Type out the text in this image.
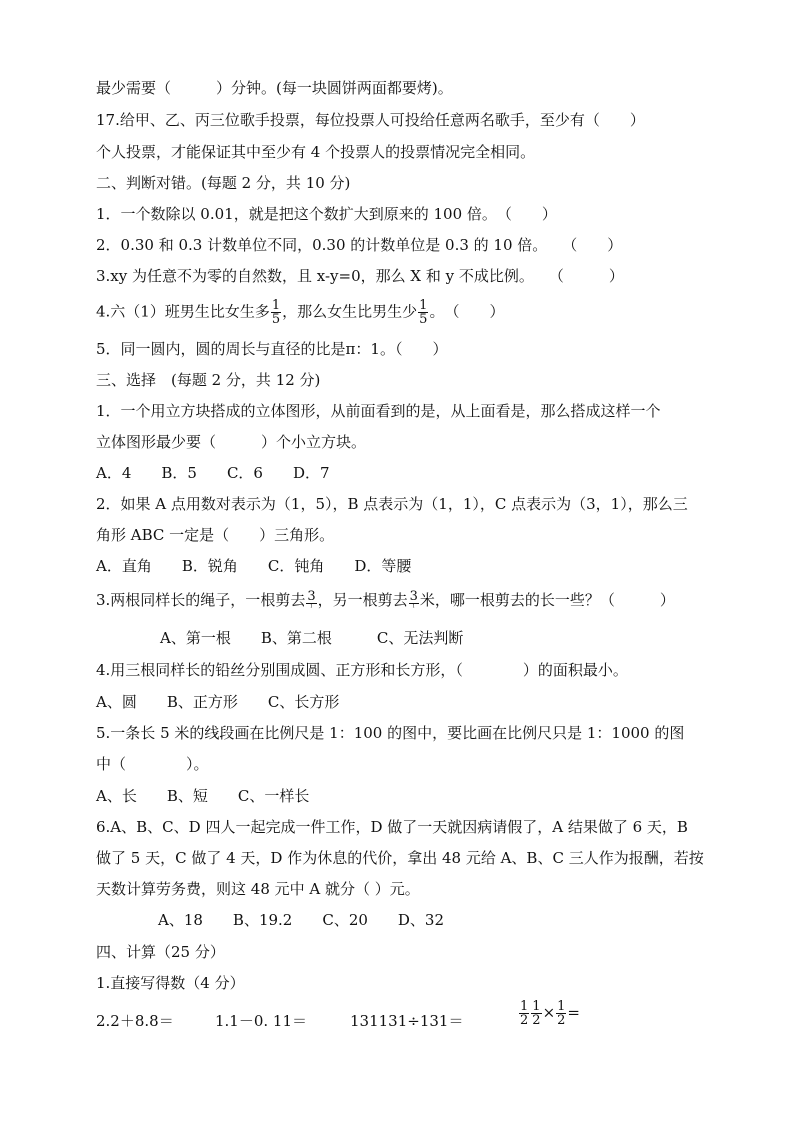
最少需要（　　　）分钟。(每一块圆饼两面都要烤)。
17.给甲、乙、丙三位歌手投票，每位投票人可投给任意两名歌手，至少有（　　）
个人投票，才能保证其中至少有 4 个投票人的投票情况完全相同。
二、判断对错。(每题 2 分，共 10 分)
1．一个数除以 0.01，就是把这个数扩大到原来的 100 倍。　（　　）
2．0.30 和 0.3 计数单位不同，0.30 的计数单位是 0.3 的 10 倍。　　（　　）
3.xy 为任意不为零的自然数，且 x-y=0，那么 X 和 y 不成比例。　　（　　　）
4.六（1）班男生比女生多 $\frac{1}{5}$ ，那么女生比男生少 $\frac{1}{5}$ 。　（　　）
5．同一圆内，圆的周长与直径的比是π：1。（　　）
三、选择　(每题 2 分，共 12 分)
1．一个用立方块搭成的立体图形，从前面看到的是，从上面看是，那么搭成这样一个
立体图形最少要（　　　）个小立方块。
A．4　　B．5　　C．6　　D．7
2．如果 A 点用数对表示为（1，5），B 点表示为（1，1），C 点表示为（3，1），那么三
角形 ABC 一定是（　　）三角形。
A．直角　　B．锐角　　C．钝角　　D．等腰
3.两根同样长的绳子，一根剪去 $\frac{3}{\text{ˡ}}$ ，另一根剪去 $\frac{3}{\text{ˡ}}$ 米，哪一根剪去的长一些？（　　　）
A、第一根　　B、第二根　　　C、无法判断
4.用三根同样长的铅丝分别围成圆、正方形和长方形，（　　　　）的面积最小。
A、圆　　B、正方形　　C、长方形
5.一条长 5 米的线段画在比例尺是 1：100 的图中，要比画在比例尺只是 1：1000 的图
中（　　　　）。
A、长　　B、短　　C、一样长
6.A、B、C、D 四人一起完成一件工作，D 做了一天就因病请假了，A 结果做了 6 天，B
做了 5 天，C 做了 4 天，D 作为休息的代价，拿出 48 元给 A、B、C 三人作为报酬，若按
天数计算劳务费，则这 48 元中 A 就分（ ）元。
A、18　　B、19.2　　C、20　　D、32
四、计算（25 分）
1.直接写得数（4 分）
2.2＋8.8＝	1.1－0. 11＝	131131÷131＝	$\frac{1}{2} \frac{1}{2} \times \frac{1}{2}$ =
